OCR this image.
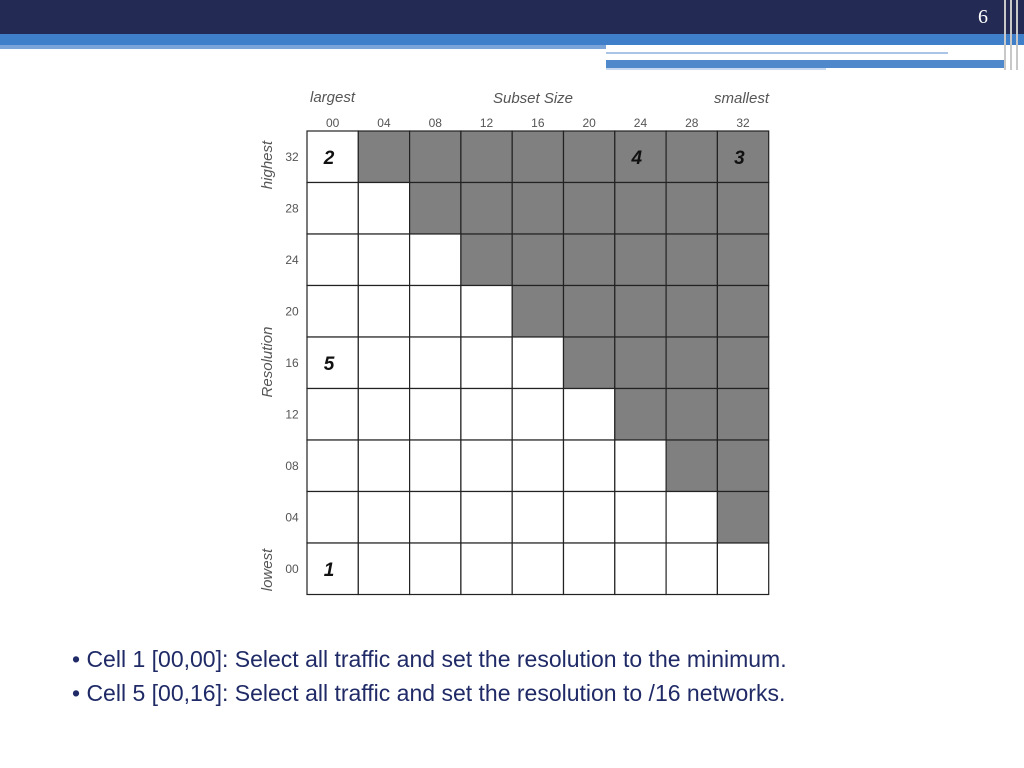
6
00	04	08	12	16	20	24	28	32
32
28
24
20
16
12
08
04
00
largest	Subset Size	smallest
highest
Resolution
lowest
2	4	3
5
1
• Cell 1 [00,00]: Select all traffic and set the resolution to the minimum.
• Cell 5 [00,16]: Select all traffic and set the resolution to /16 networks.
